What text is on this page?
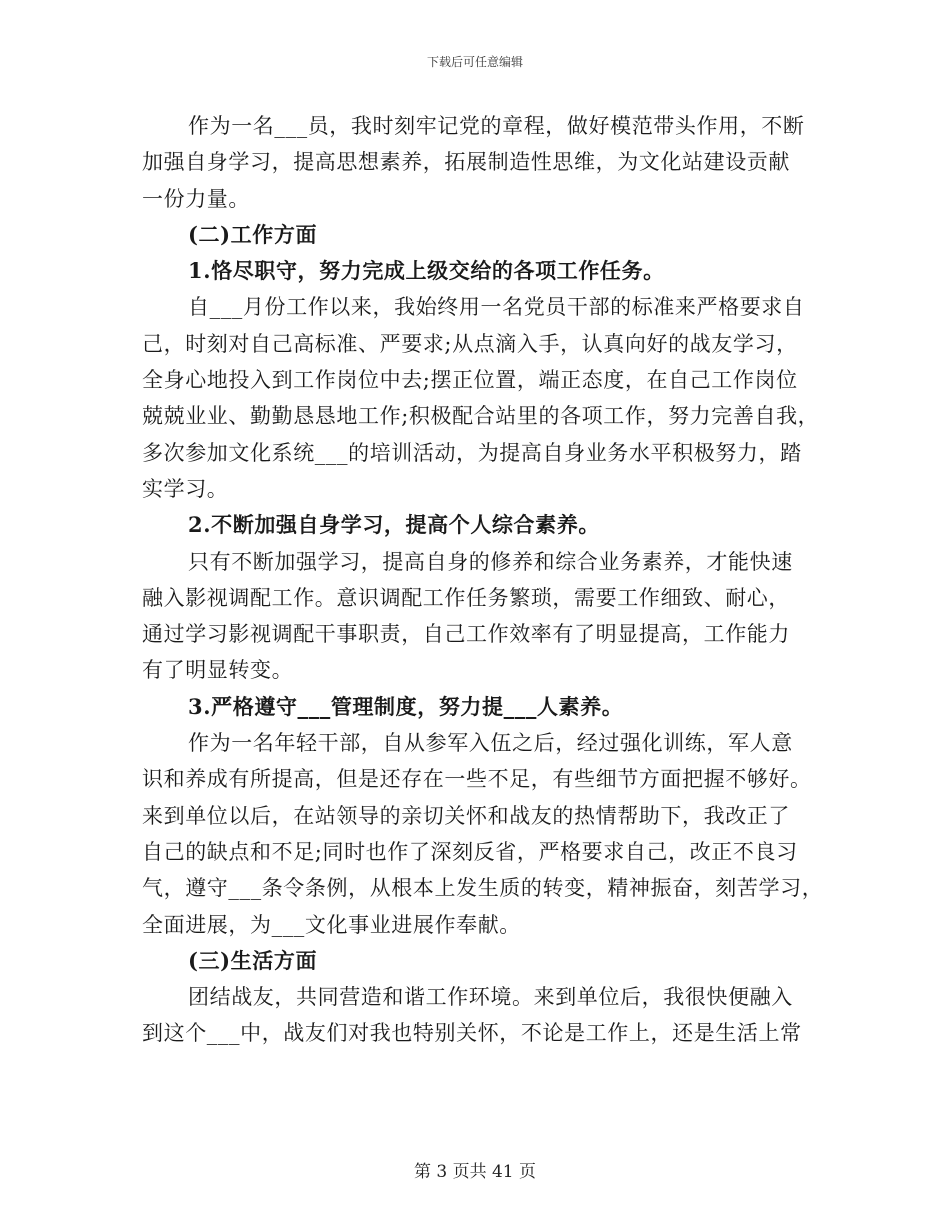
下载后可任意编辑
作为一名___员，我时刻牢记党的章程，做好模范带头作用，不断
加强自身学习，提高思想素养，拓展制造性思维，为文化站建设贡献
一份力量。
(二)工作方面
1.恪尽职守，努力完成上级交给的各项工作任务。
自___月份工作以来，我始终用一名党员干部的标准来严格要求自
己，时刻对自己高标准、严要求;从点滴入手，认真向好的战友学习，
全身心地投入到工作岗位中去;摆正位置，端正态度，在自己工作岗位
兢兢业业、勤勤恳恳地工作;积极配合站里的各项工作，努力完善自我，
多次参加文化系统___的培训活动，为提高自身业务水平积极努力，踏
实学习。
2.不断加强自身学习，提高个人综合素养。
只有不断加强学习，提高自身的修养和综合业务素养，才能快速
融入影视调配工作。意识调配工作任务繁琐，需要工作细致、耐心，
通过学习影视调配干事职责，自己工作效率有了明显提高，工作能力
有了明显转变。
3.严格遵守___管理制度，努力提___人素养。
作为一名年轻干部，自从参军入伍之后，经过强化训练，军人意
识和养成有所提高，但是还存在一些不足，有些细节方面把握不够好。
来到单位以后，在站领导的亲切关怀和战友的热情帮助下，我改正了
自己的缺点和不足;同时也作了深刻反省，严格要求自己，改正不良习
气，遵守___条令条例，从根本上发生质的转变，精神振奋，刻苦学习，
全面进展，为___文化事业进展作奉献。
(三)生活方面
团结战友，共同营造和谐工作环境。来到单位后，我很快便融入
到这个___中，战友们对我也特别关怀，不论是工作上，还是生活上常
第 3 页共 41 页
